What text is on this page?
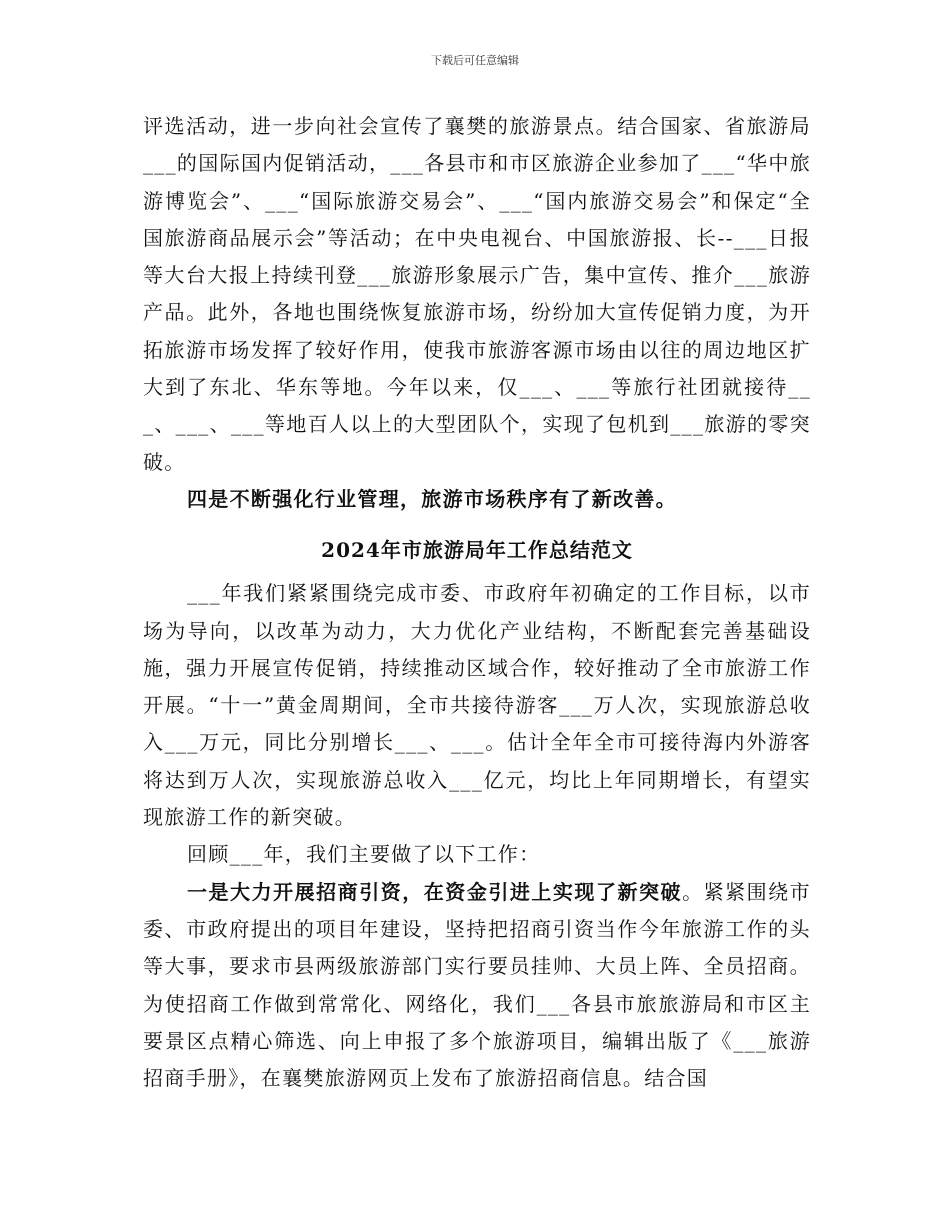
下载后可任意编辑

评选活动，进一步向社会宣传了襄樊的旅游景点。结合国家、省旅游局___的国际国内促销活动，___各县市和市区旅游企业参加了___“华中旅游博览会”、___“国际旅游交易会”、___“国内旅游交易会”和保定“全国旅游商品展示会”等活动；在中央电视台、中国旅游报、长--___日报等大台大报上持续刊登___旅游形象展示广告，集中宣传、推介___旅游产品。此外，各地也围绕恢复旅游市场，纷纷加大宣传促销力度，为开拓旅游市场发挥了较好作用，使我市旅游客源市场由以往的周边地区扩大到了东北、华东等地。今年以来，仅___、___等旅行社团就接待___、___、___等地百人以上的大型团队个，实现了包机到___旅游的零突破。

四是不断强化行业管理，旅游市场秩序有了新改善。

2024年市旅游局年工作总结范文

___年我们紧紧围绕完成市委、市政府年初确定的工作目标，以市场为导向，以改革为动力，大力优化产业结构，不断配套完善基础设施，强力开展宣传促销，持续推动区域合作，较好推动了全市旅游工作开展。“十一”黄金周期间，全市共接待游客___万人次，实现旅游总收入___万元，同比分别增长___、___。估计全年全市可接待海内外游客将达到万人次，实现旅游总收入___亿元，均比上年同期增长，有望实现旅游工作的新突破。

回顾___年，我们主要做了以下工作：

一是大力开展招商引资，在资金引进上实现了新突破。紧紧围绕市委、市政府提出的项目年建设，坚持把招商引资当作今年旅游工作的头等大事，要求市县两级旅游部门实行要员挂帅、大员上阵、全员招商。为使招商工作做到常常化、网络化，我们___各县市旅旅游局和市区主要景区点精心筛选、向上申报了多个旅游项目，编辑出版了《___旅游招商手册》，在襄樊旅游网页上发布了旅游招商信息。结合国
